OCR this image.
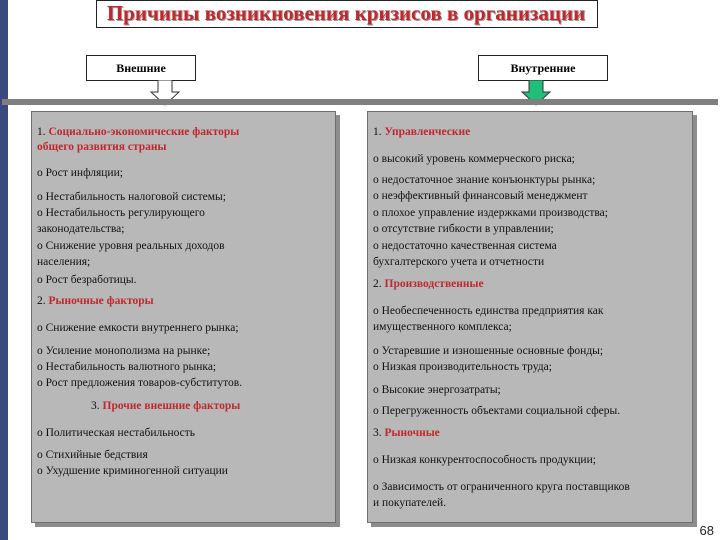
Причины возникновения кризисов в организации
Внешние	Внутренние
1. Социально-экономические факторы
общего развития страны
o Рост инфляции;
o Нестабильность налоговой системы;
o Нестабильность регулирующего
законодательства;
o Снижение уровня реальных доходов
населения;
o Рост безработицы.
2. Рыночные факторы
o Снижение емкости внутреннего рынка;
o Усиление монополизма на рынке;
o Нестабильность валютного рынка;
o Рост предложения товаров-субститутов.
3. Прочие внешние факторы
o Политическая нестабильность
o Стихийные бедствия
o Ухудшение криминогенной ситуации
1. Управленческие
o высокий уровень коммерческого риска;
o недостаточное знание конъюнктуры рынка;
o неэффективный финансовый менеджмент
o плохое управление издержками производства;
o отсутствие гибкости в управлении;
o недостаточно качественная система
бухгалтерского учета и отчетности
2. Производственные
o Необеспеченность единства предприятия как
имущественного комплекса;
o Устаревшие и изношенные основные фонды;
o Низкая производительность труда;
o Высокие энергозатраты;
o Перегруженность объектами социальной сферы.
3. Рыночные
o Низкая конкурентоспособность продукции;
o Зависимость от ограниченного круга поставщиков
и покупателей.
68
